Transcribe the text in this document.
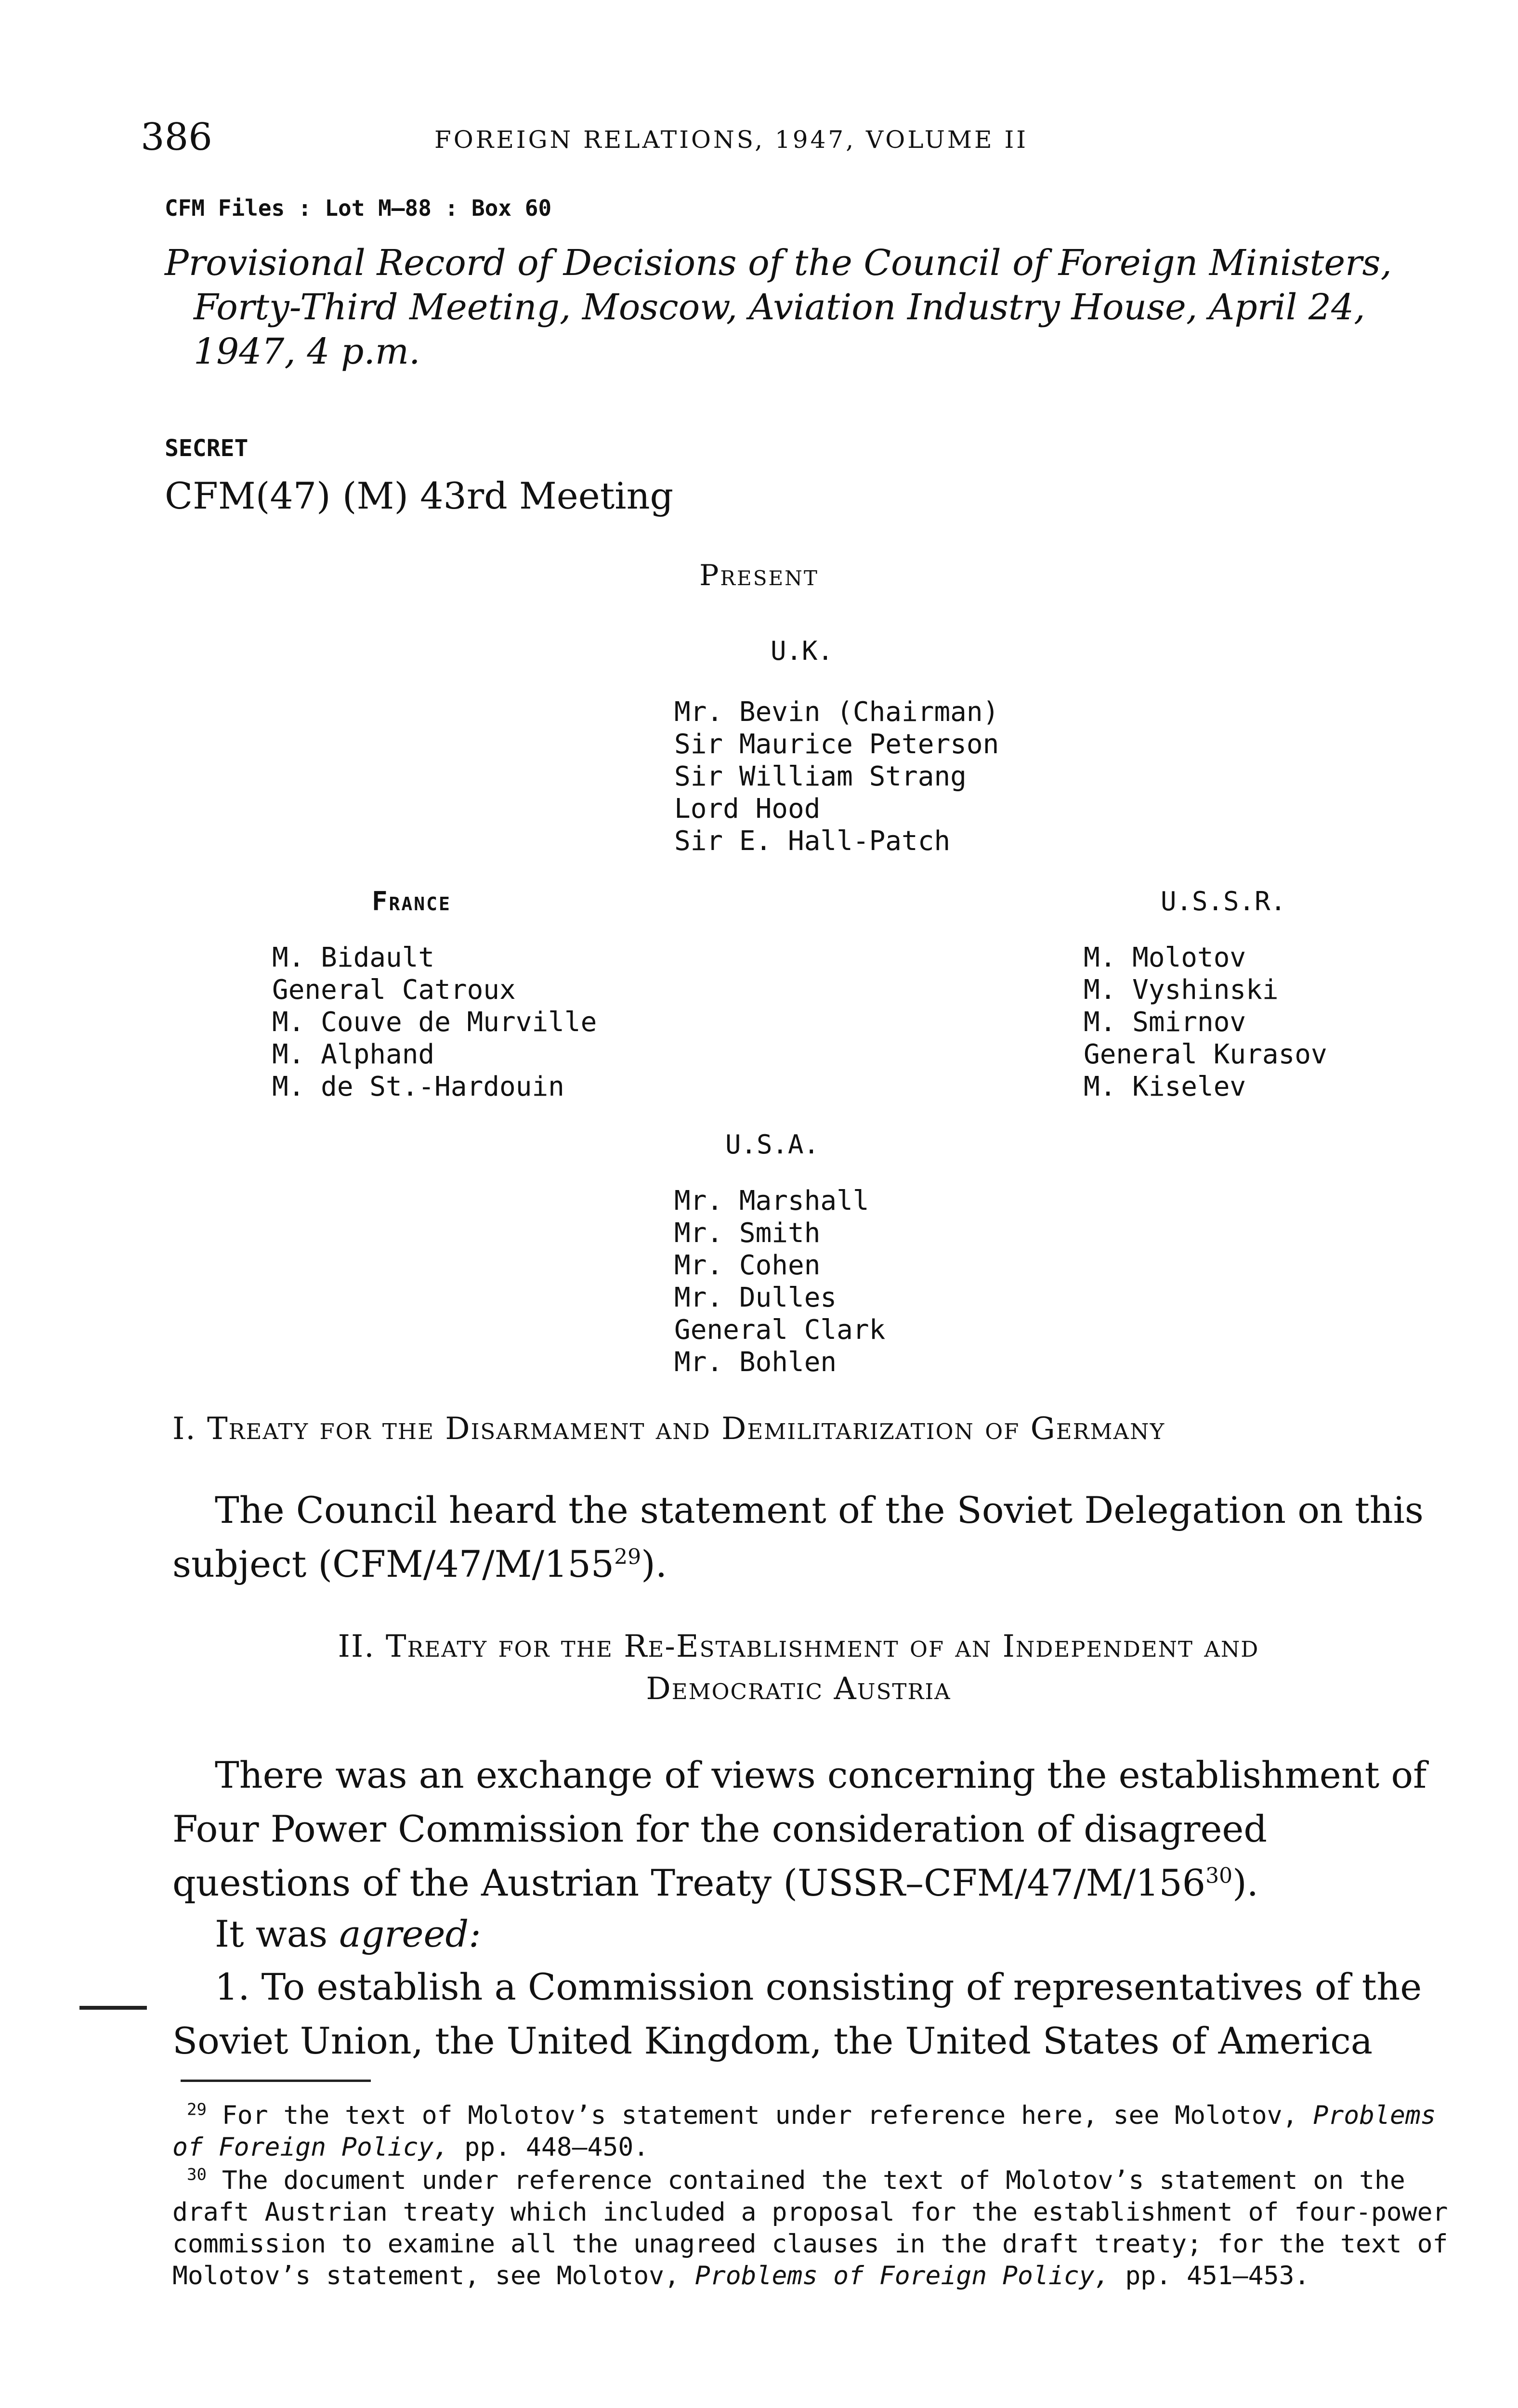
386	FOREIGN RELATIONS, 1947, VOLUME II

CFM Files : Lot M–88 : Box 60

Provisional Record of Decisions of the Council of Foreign Ministers,
Forty-Third Meeting, Moscow, Aviation Industry House, April 24,
1947, 4 p.m.

SECRET

CFM(47) (M) 43rd Meeting

Present

U.K.

Mr. Bevin (Chairman)
Sir Maurice Peterson
Sir William Strang
Lord Hood
Sir E. Hall-Patch

France

M. Bidault
General Catroux
M. Couve de Murville
M. Alphand
M. de St.-Hardouin

U.S.S.R.

M. Molotov
M. Vyshinski
M. Smirnov
General Kurasov
M. Kiselev

U.S.A.

Mr. Marshall
Mr. Smith
Mr. Cohen
Mr. Dulles
General Clark
Mr. Bohlen
I. Treaty for the Disarmament and Demilitarization of Germany

The Council heard the statement of the Soviet Delegation on this subject $(CFM/47/M/155^{29})$.

II. Treaty for the Re-Establishment of an Independent and
Democratic Austria

There was an exchange of views concerning the establishment of Four Power Commission for the consideration of disagreed questions of the Austrian Treaty $(USSR-CFM/47/M/156^{30})$.

It was agreed:

1. To establish a Commission consisting of representatives of the Soviet Union, the United Kingdom, the United States of America

$^{29}$ For the text of Molotov’s statement under reference here, see Molotov, Problems of Foreign Policy, pp. 448–450.

$^{30}$ The document under reference contained the text of Molotov’s statement on the draft Austrian treaty which included a proposal for the establishment of four-power commission to examine all the unagreed clauses in the draft treaty; for the text of Molotov’s statement, see Molotov, Problems of Foreign Policy, pp. 451–453.
